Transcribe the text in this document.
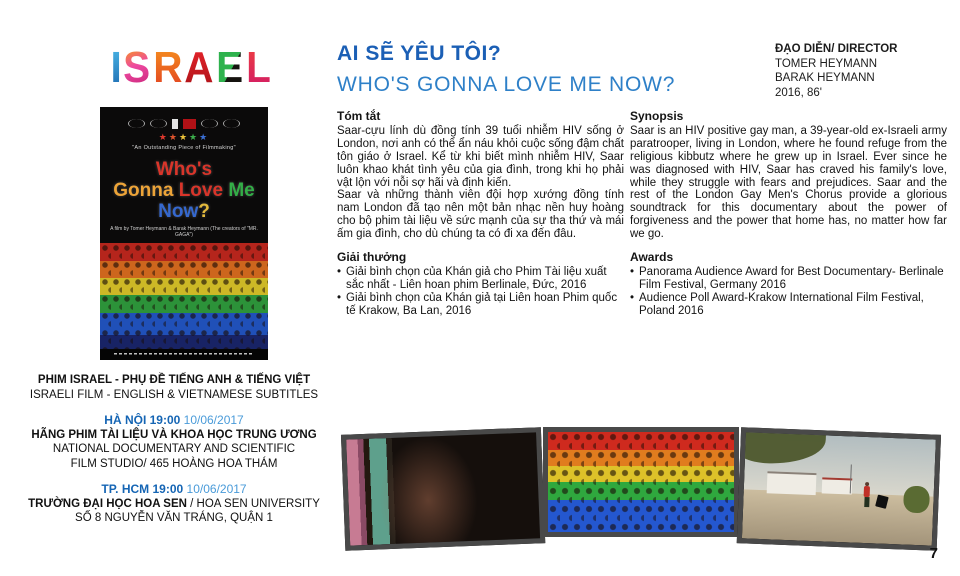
I S R A E L
★★★★★
"An Outstanding Piece of Filmmaking"
Who's
Gonna Love Me
Now?
A film by Tomer Heymann & Barak Heymann (The creators of "MR. GAGA")
AI SẼ YÊU TÔI?
WHO'S GONNA LOVE ME NOW?
ĐẠO DIỄN/ DIRECTOR
TOMER HEYMANN
BARAK HEYMANN
2016, 86'
Tóm tắt

Saar-cựu lính dù đồng tính 39 tuổi nhiễm HIV sống ở London, nơi anh có thể ẩn náu khỏi cuộc sống đậm chất tôn giáo ở Israel. Kể từ khi biết mình nhiễm HIV, Saar luôn khao khát tình yêu của gia đình, trong khi họ phải vật lộn với nỗi sợ hãi và định kiến.

Saar và những thành viên đội hợp xướng đồng tính nam London đã tạo nên một bản nhạc nền huy hoàng cho bộ phim tài liệu về sức mạnh của sự tha thứ và mái ấm gia đình, cho dù chúng ta có đi xa đến đâu.

Giải thưởng
• Giải bình chọn của Khán giả cho Phim Tài liệu xuất sắc nhất - Liên hoan phim Berlinale, Đức, 2016
• Giải bình chọn của Khán giả tại Liên hoan Phim quốc tế Krakow, Ba Lan, 2016
Synopsis

Saar is an HIV positive gay man, a 39-year-old ex-Israeli army paratrooper, living in London, where he found refuge from the religious kibbutz where he grew up in Israel. Ever since he was diagnosed with HIV, Saar has craved his family's love, while they struggle with fears and prejudices. Saar and the rest of the London Gay Men's Chorus provide a glorious soundtrack for this documentary about the power of forgiveness and the power that home has, no matter how far we go.

Awards
• Panorama Audience Award for Best Documentary- Berlinale Film Festival, Germany 2016
• Audience Poll Award-Krakow International Film Festival, Poland 2016
PHIM ISRAEL - PHỤ ĐỀ TIẾNG ANH & TIẾNG VIỆT
ISRAELI FILM - ENGLISH & VIETNAMESE SUBTITLES
HÀ NỘI 19:00 10/06/2017
HÃNG PHIM TÀI LIỆU VÀ KHOA HỌC TRUNG ƯƠNG
NATIONAL DOCUMENTARY AND SCIENTIFIC
FILM STUDIO/ 465 HOÀNG HOA THÁM
TP. HCM 19:00 10/06/2017
TRƯỜNG ĐẠI HỌC HOA SEN / HOA SEN UNIVERSITY
SỐ 8 NGUYỄN VĂN TRÁNG, QUẬN 1
7
